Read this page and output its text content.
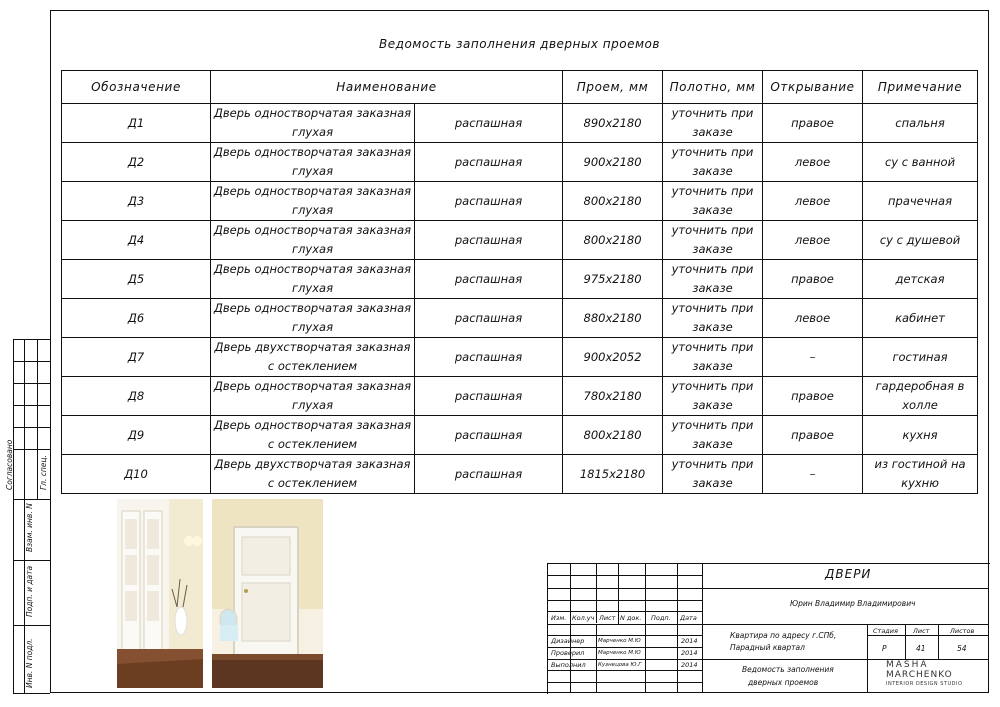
Ведомость заполнения дверных проемов
Обозначение	Наименование		Проем, мм	Полотно, мм	Открывание	Примечание
Д1	Дверь одностворчатая заказная глухая	распашная	890x2180	уточнить при заказе	правое	спальня
Д2	Дверь одностворчатая заказная глухая	распашная	900x2180	уточнить при заказе	левое	су с ванной
Д3	Дверь одностворчатая заказная глухая	распашная	800x2180	уточнить при заказе	левое	прачечная
Д4	Дверь одностворчатая заказная глухая	распашная	800x2180	уточнить при заказе	левое	су с душевой
Д5	Дверь одностворчатая заказная глухая	распашная	975x2180	уточнить при заказе	правое	детская
Д6	Дверь одностворчатая заказная глухая	распашная	880x2180	уточнить при заказе	левое	кабинет
Д7	Дверь двухстворчатая заказная с остеклением	распашная	900x2052	уточнить при заказе	–	гостиная
Д8	Дверь одностворчатая заказная глухая	распашная	780x2180	уточнить при заказе	правое	гардеробная в холле
Д9	Дверь одностворчатая заказная с остеклением	распашная	800x2180	уточнить при заказе	правое	кухня
Д10	Дверь двухстворчатая заказная с остеклением	распашная	1815x2180	уточнить при заказе	–	из гостиной на кухню
Согласовано	Гл. спец.
Взам. инв. N
Подп. и дата
Инв. N подл.
Изм. Кол.уч Лист N док. Подп. Дата
Дизайнер Марченко М.Ю	2014
Проверил Марченко М.Ю	2014
Выполнил Кузнецова Ю.Г	2014
ДВЕРИ
Юрин Владимир Владимирович
Квартира по адресу г.СПб,
Парадный квартал
Ведомость заполнения
дверных проемов
Стадия Лист	Листов
Р	41	54
MASHA
MARCHENKO
INTERIOR DESIGN STUDIO
